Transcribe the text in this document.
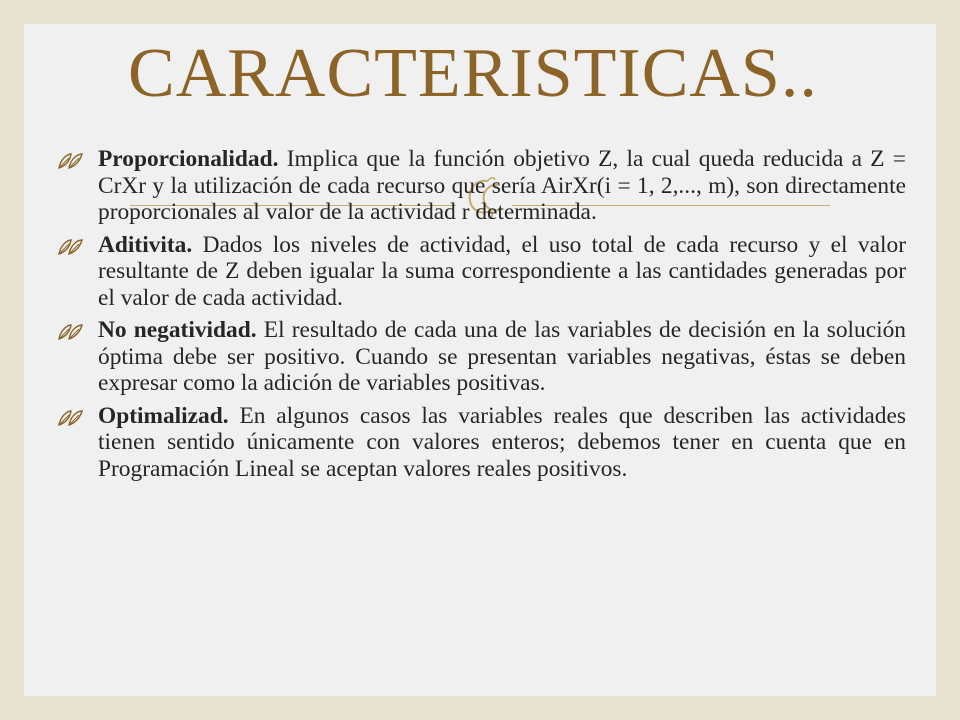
CARACTERISTICAS..
Proporcionalidad. Implica que la función objetivo Z, la cual queda reducida a Z = CrXr y la utilización de cada recurso que sería AirXr(i = 1, 2,..., m), son directamente proporcionales al valor de la actividad r determinada.
Aditivita. Dados los niveles de actividad, el uso total de cada recurso y el valor resultante de Z deben igualar la suma correspondiente a las cantidades generadas por el valor de cada actividad.
No negatividad. El resultado de cada una de las variables de decisión en la solución óptima debe ser positivo. Cuando se presentan variables negativas, éstas se deben expresar como la adición de variables positivas.
Optimalizad. En algunos casos las variables reales que describen las actividades tienen sentido únicamente con valores enteros; debemos tener en cuenta que en Programación Lineal se aceptan valores reales positivos.
